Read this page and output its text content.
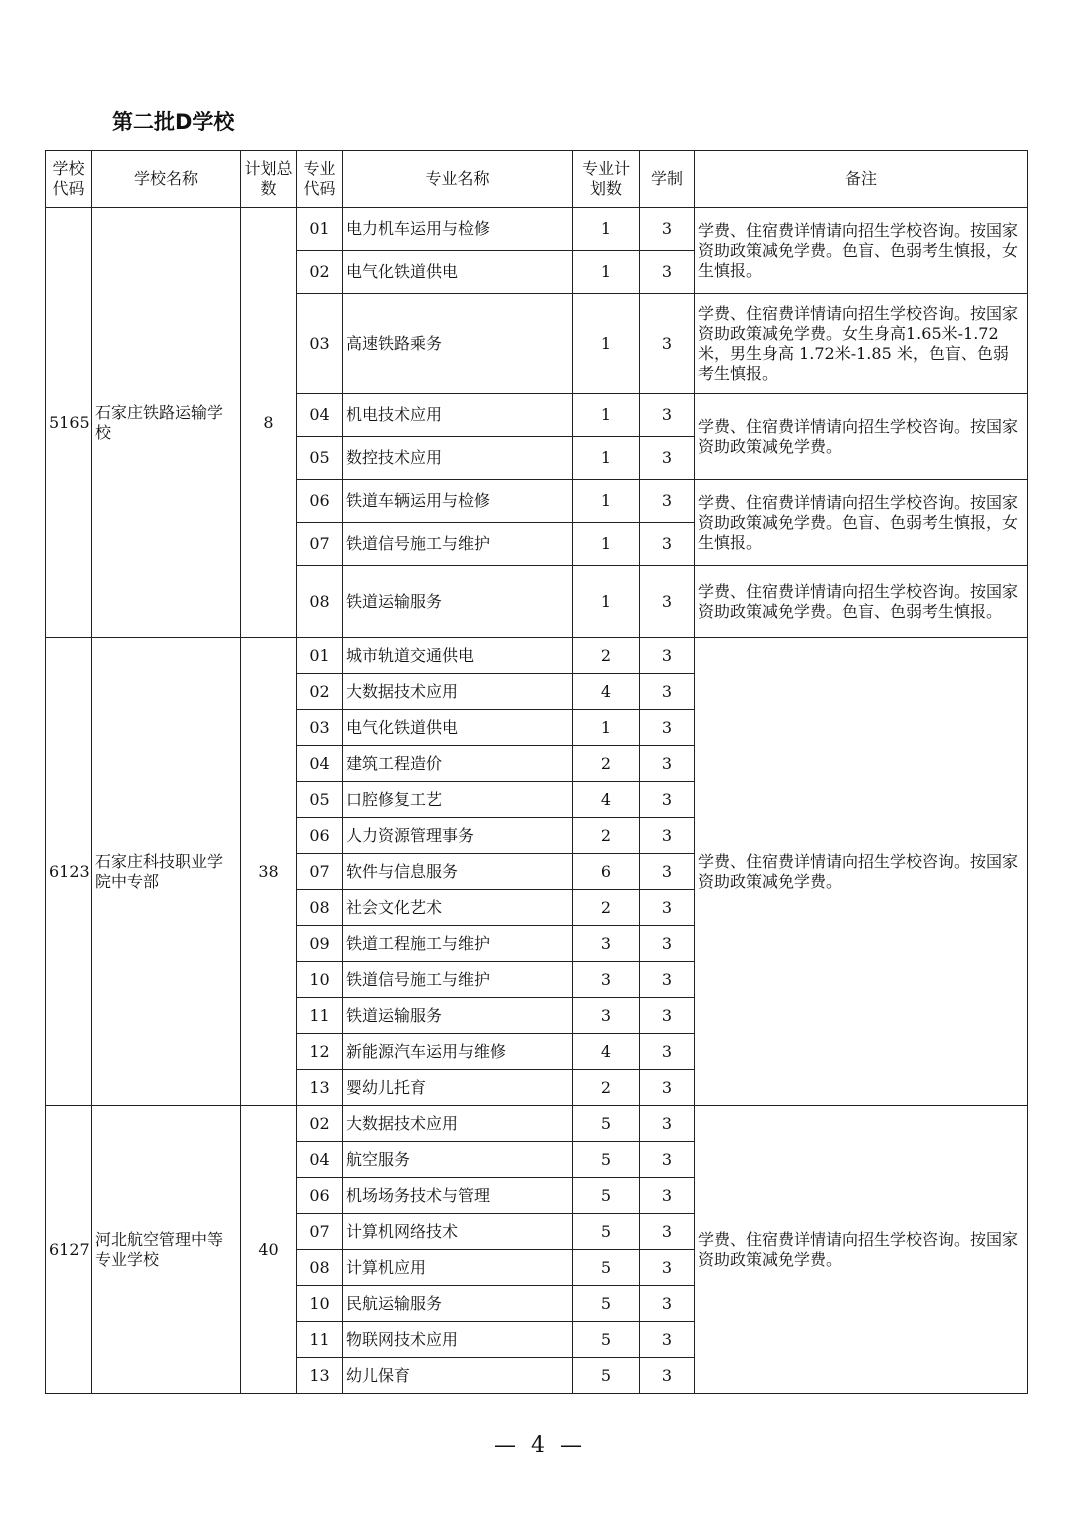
第二批D学校
学校代码	学校名称	计划总数	专业代码	专业名称	专业计划数	学制	备注
5165	石家庄铁路运输学校	8	01	电力机车运用与检修	1	3	学费、住宿费详情请向招生学校咨询。按国家资助政策减免学费。色盲、色弱考生慎报，女生慎报。
			02	电气化铁道供电	1	3	
			03	高速铁路乘务	1	3	学费、住宿费详情请向招生学校咨询。按国家资助政策减免学费。女生身高1.65米-1.72米，男生身高 1.72米-1.85 米，色盲、色弱考生慎报。
			04	机电技术应用	1	3	学费、住宿费详情请向招生学校咨询。按国家资助政策减免学费。
			05	数控技术应用	1	3	
			06	铁道车辆运用与检修	1	3	学费、住宿费详情请向招生学校咨询。按国家资助政策减免学费。色盲、色弱考生慎报，女生慎报。
			07	铁道信号施工与维护	1	3	
			08	铁道运输服务	1	3	学费、住宿费详情请向招生学校咨询。按国家资助政策减免学费。色盲、色弱考生慎报。
6123	石家庄科技职业学院中专部	38	01	城市轨道交通供电	2	3	学费、住宿费详情请向招生学校咨询。按国家资助政策减免学费。
			02	大数据技术应用	4	3	
			03	电气化铁道供电	1	3	
			04	建筑工程造价	2	3	
			05	口腔修复工艺	4	3	
			06	人力资源管理事务	2	3	
			07	软件与信息服务	6	3	
			08	社会文化艺术	2	3	
			09	铁道工程施工与维护	3	3	
			10	铁道信号施工与维护	3	3	
			11	铁道运输服务	3	3	
			12	新能源汽车运用与维修	4	3	
			13	婴幼儿托育	2	3	
6127	河北航空管理中等专业学校	40	02	大数据技术应用	5	3	学费、住宿费详情请向招生学校咨询。按国家资助政策减免学费。
			04	航空服务	5	3	
			06	机场场务技术与管理	5	3	
			07	计算机网络技术	5	3	
			08	计算机应用	5	3	
			10	民航运输服务	5	3	
			11	物联网技术应用	5	3	
			13	幼儿保育	5	3	
— 4 —
